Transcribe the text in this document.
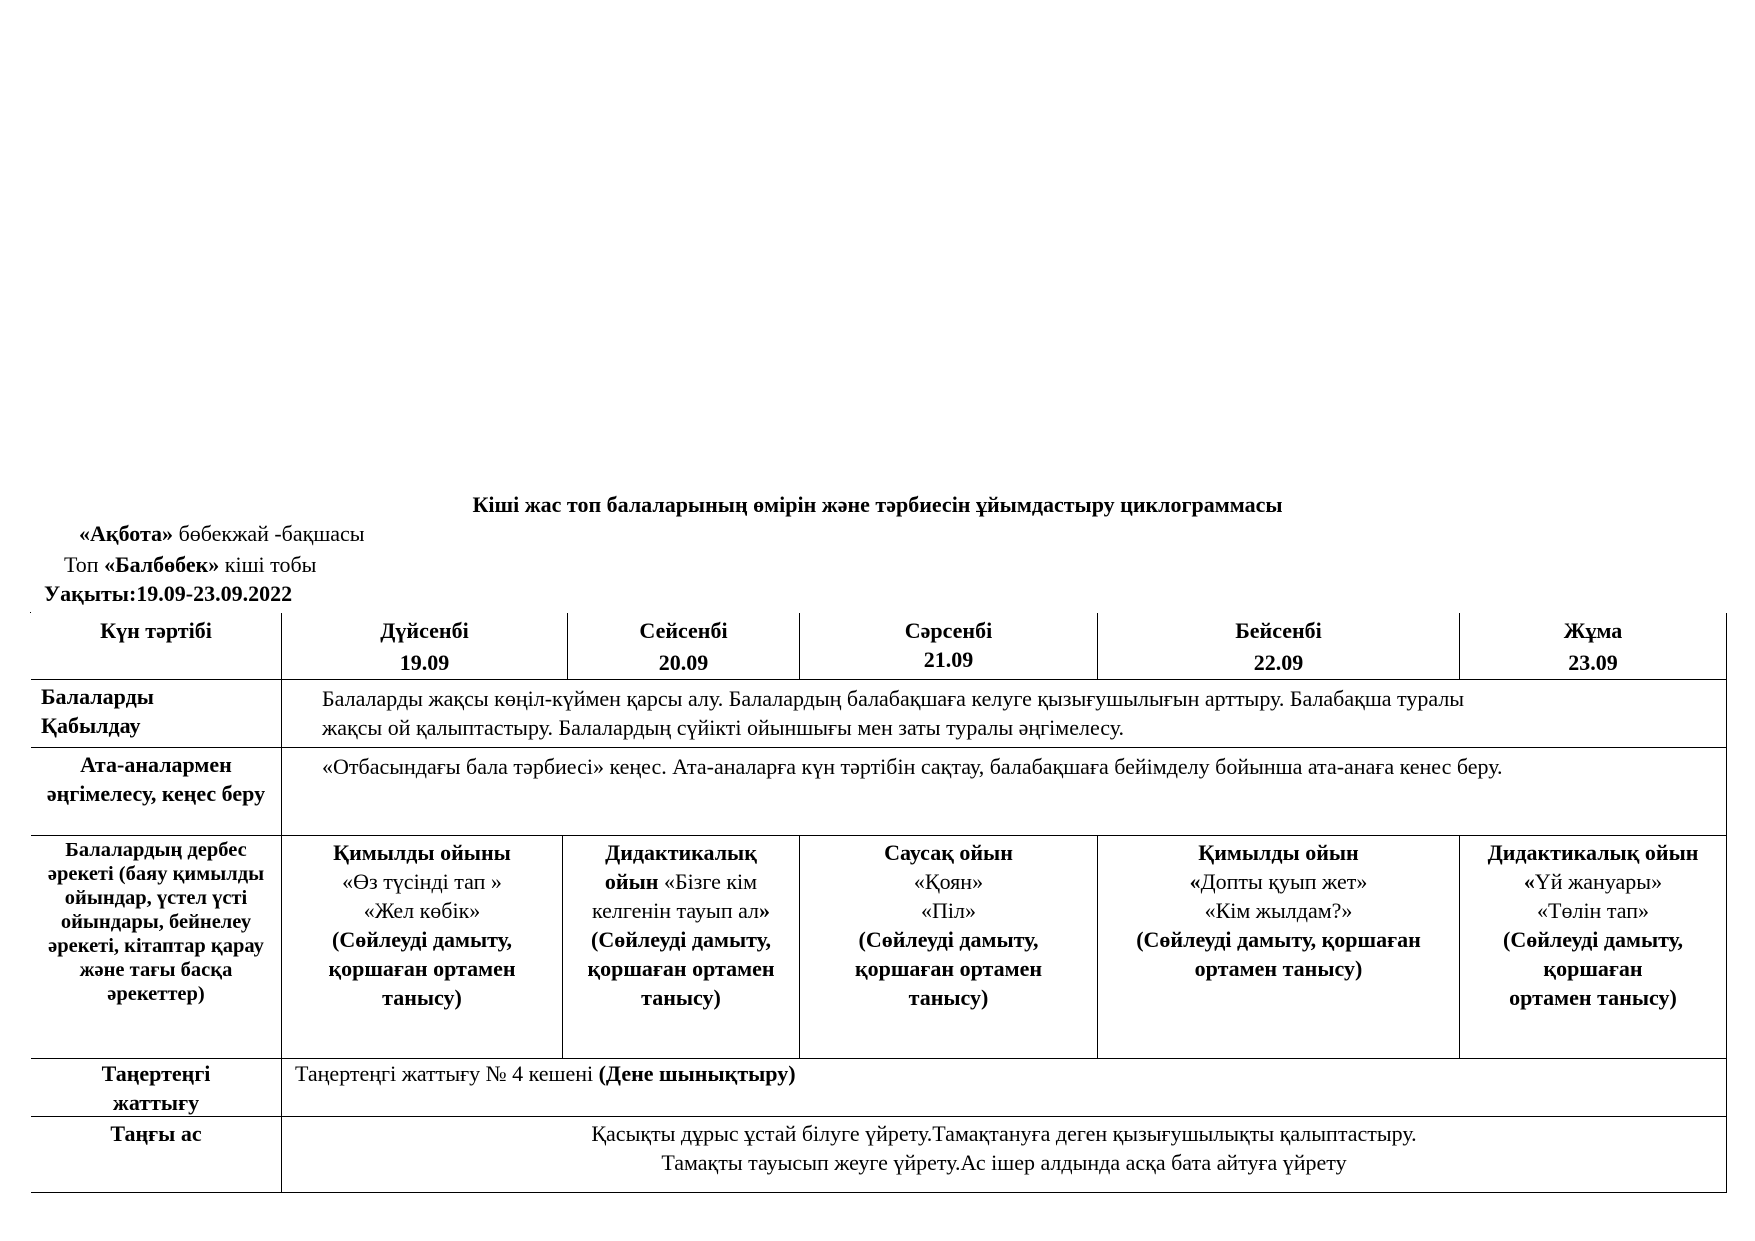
Кіші жас топ балаларының өмірін және тәрбиесін ұйымдастыру циклограммасы

«Ақбота» бөбекжай -бақшасы

Топ «Балбөбек» кіші тобы

Уақыты:19.09-23.09.2022

Күн тәртібі	Дүйсенбі
19.09
Сейсенбі
20.09
Сәрсенбі
21.09
Бейсенбі
22.09
Жұма
23.09
Балаларды
Қабылдау
Балаларды жақсы көңіл-күймен қарсы алу. Балалардың балабақшаға келуге қызығушылығын арттыру. Балабақша туралы
жақсы ой қалыптастыру. Балалардың сүйікті ойыншығы мен заты туралы әңгімелесу.
Ата-аналармен әңгімелесу, кеңес беру
«Отбасындағы бала тәрбиесі» кеңес. Ата-аналарға күн тәртібін сақтау, балабақшаға бейімделу бойынша ата-анаға кенес беру.
Балалардың дербес әрекеті (баяу қимылды ойындар, үстел үсті ойындары, бейнелеу әрекеті, кітаптар қарау және тағы басқа әрекеттер)
Қимылды ойыны
«Өз түсінді тап »
«Жел көбік»
(Сөйлеуді дамыту,
қоршаған ортамен
танысу)
Дидактикалық
ойын «Бізге кім
келгенін тауып ал»
(Сөйлеуді дамыту,
қоршаған ортамен
танысу)
Саусақ ойын
«Қоян»
«Піл»
(Сөйлеуді дамыту,
қоршаған ортамен
танысу)
Қимылды ойын
«Допты қуып жет»
«Кім жылдам?»
(Сөйлеуді дамыту, қоршаған
ортамен танысу)
Дидактикалық ойын
«Үй жануары»
«Төлін тап»
(Сөйлеуді дамыту,
қоршаған
ортамен танысу)
Таңертеңгі
жаттығу
Таңертеңгі жаттығу № 4 кешені (Дене шынықтыру)
Таңғы ас	Қасықты дұрыс ұстай білуге үйрету.Тамақтануға деген қызығушылықты қалыптастыру.
Тамақты тауысып жеуге үйрету.Ас ішер алдында асқа бата айтуға үйрету
